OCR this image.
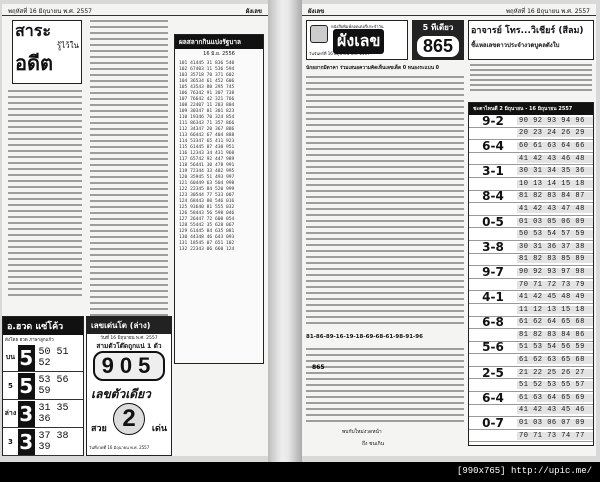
พฤหัสที่ 16 มิถุนายน พ.ศ. 2557	ผังเลข
สาระ
รู้ไว้ใน
อดีต
ผลสลากกินแบ่งรัฐบาล
16 มิ.ย. 2556
101 41445 31 836 540
102 67403 11 536 594
103 35718 70 371 602
104 36534 61 452 606
105 43543 80 295 745
106 76342 91 307 738
107 76642 42 321 766
108 22407 11 283 804
109 30347 01 301 823
110 19346 70 324 854
111 86343 71 357 866
112 34347 20 367 886
113 66442 67 404 888
114 53347 65 411 923
115 61445 87 430 951
116 12343 34 431 960
117 65742 92 447 989
118 56441 30 478 991
119 72344 33 482 995
120 35945 51 493 997
121 60449 63 504 998
122 22345 84 520 999
123 30544 77 533 007
124 68443 80 546 016
125 93640 81 555 032
126 58443 56 598 046
127 26447 72 600 054
128 55442 35 628 067
129 61445 84 635 081
130 44348 46 643 093
131 18545 07 651 102
132 22343 06 660 124
อ.ฮวด แซ่โค้ว
ดังโดย ฮวด ภาษาลูกแก้ว
บน 5 50 51 52
5 5 53 56 59
ล่าง 3 31 35 36
3 3 37 38 39
เลขเด่นโต (ล่าง)
วันที่ 16 มิถุนายน พ.ศ. 2557
สามตัวโต๊ดถูกแน่ 1 ตัว
905
เลขตัวเดียว
2
สวย	เด่น
วันที่งวดที่ 16 มิถุนายน พ.ศ. 2557
ผังเลข	พฤหัสที่ 16 มิถุนายน พ.ศ. 2557
หนังสือพิมพ์ลอตเตอรี่ประจำวัน
ผังเลข
วันจันทร์ที่ 16 มิถุนายน พ.ศ. 2557
5 ทีเดียว
865
นักอยากมีตาคา ร่วมเสนอความคิดเห็นเลขเด็ด 0 หนองระแบน 0
81-86-89-16-19-18-69-68-61-98-91-96
865
พบกับใหม่งวดหน้า
ถึง ชนเกิน
อาจารย์ โทร...วิเชียร์ (สีลม)
ชี้แหลเลขดาวประจำงวดบูคลดังใบ
ชะตาไหนดี 2 มิถุนายน - 16 มิถุนายน 2557
9-2	90 92 93 94 96
20 23 24 26 29
6-4	60 61 63 64 66
41 42 43 46 48
3-1	30 31 34 35 36
10 13 14 15 18
8-4	81 82 83 84 87
41 42 43 47 48
0-5	01 03 05 06 09
50 53 54 57 59
3-8	30 31 36 37 38
81 82 83 85 89
9-7	90 92 93 97 98
70 71 72 73 79
4-1	41 42 45 48 49
11 12 13 15 18
6-8	61 62 64 65 68
81 82 83 84 86
5-6	51 53 54 56 59
61 62 63 65 68
2-5	21 22 25 26 27
51 52 53 55 57
6-4	61 63 64 65 69
41 42 43 45 46
0-7	01 03 06 07 09
70 71 73 74 77
[990x765] http://upic.me/
